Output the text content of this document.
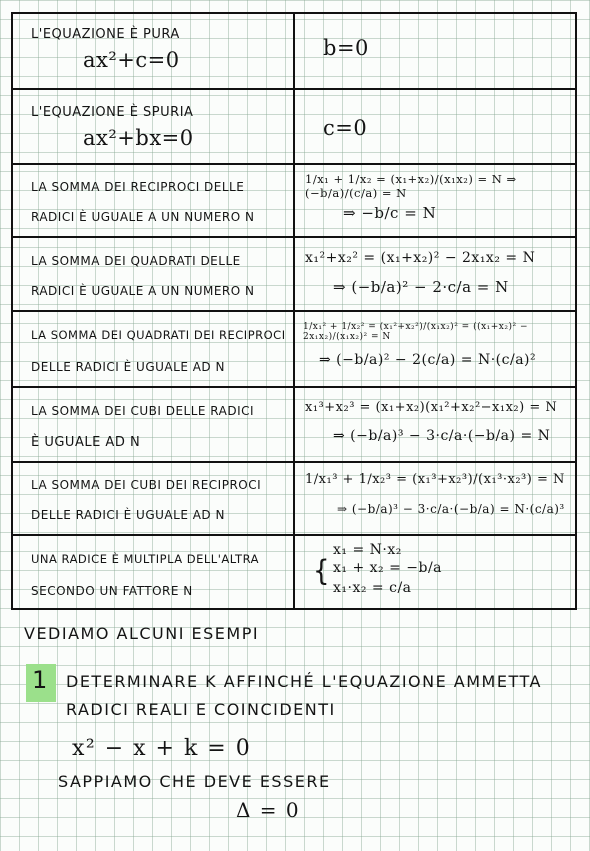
L'EQUAZIONE È PURA
ax²+c=0	b=0
L'EQUAZIONE È SPURIA
ax²+bx=0	c=0
LA SOMMA DEI RECIPROCI DELLE
RADICI È UGUALE A UN NUMERO N
1/x₁ + 1/x₂ = (x₁+x₂)/(x₁x₂) = N ⇒ (−b/a)/(c/a) = N
⇒ −b/c = N
LA SOMMA DEI QUADRATI DELLE
RADICI È UGUALE A UN NUMERO N
x₁²+x₂² = (x₁+x₂)² − 2x₁x₂ = N
⇒ (−b/a)² − 2·c/a = N
LA SOMMA DEI QUADRATI DEI RECIPROCI
DELLE RADICI È UGUALE AD N
1/x₁² + 1/x₂² = (x₁²+x₂²)/(x₁x₂)² = ((x₁+x₂)² − 2x₁x₂)/(x₁x₂)² = N
⇒ (−b/a)² − 2(c/a) = N·(c/a)²
LA SOMMA DEI CUBI DELLE RADICI
È UGUALE AD N
x₁³+x₂³ = (x₁+x₂)(x₁²+x₂²−x₁x₂) = N
⇒ (−b/a)³ − 3·c/a·(−b/a) = N
LA SOMMA DEI CUBI DEI RECIPROCI
DELLE RADICI È UGUALE AD N
1/x₁³ + 1/x₂³ = (x₁³+x₂³)/(x₁³·x₂³) = N
⇒ (−b/a)³ − 3·c/a·(−b/a) = N·(c/a)³
UNA RADICE È MULTIPLA DELL'ALTRA
SECONDO UN FATTORE N
{
x₁ = N·x₂
x₁ + x₂ = −b/a
x₁·x₂ = c/a
VEDIAMO ALCUNI ESEMPI
1 DETERMINARE K AFFINCHÉ L'EQUAZIONE AMMETTA
RADICI REALI E COINCIDENTI
x² − x + k = 0
SAPPIAMO CHE DEVE ESSERE
Δ = 0
